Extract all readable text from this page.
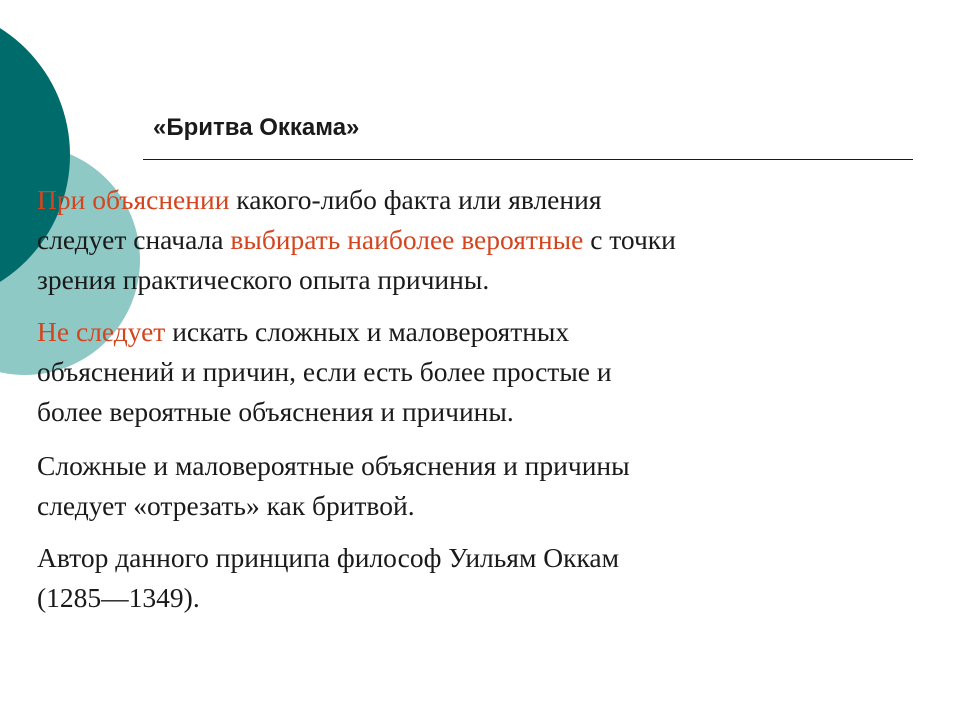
«Бритва Оккама»

При объяснении какого-либо факта или явления
следует сначала выбирать наиболее вероятные с точки
зрения практического опыта причины.

Не следует искать сложных и маловероятных
объяснений и причин, если есть более простые и
более вероятные объяснения и причины.

Сложные и маловероятные объяснения и причины
следует «отрезать» как бритвой.

Автор данного принципа философ Уильям Оккам
(1285—1349).
